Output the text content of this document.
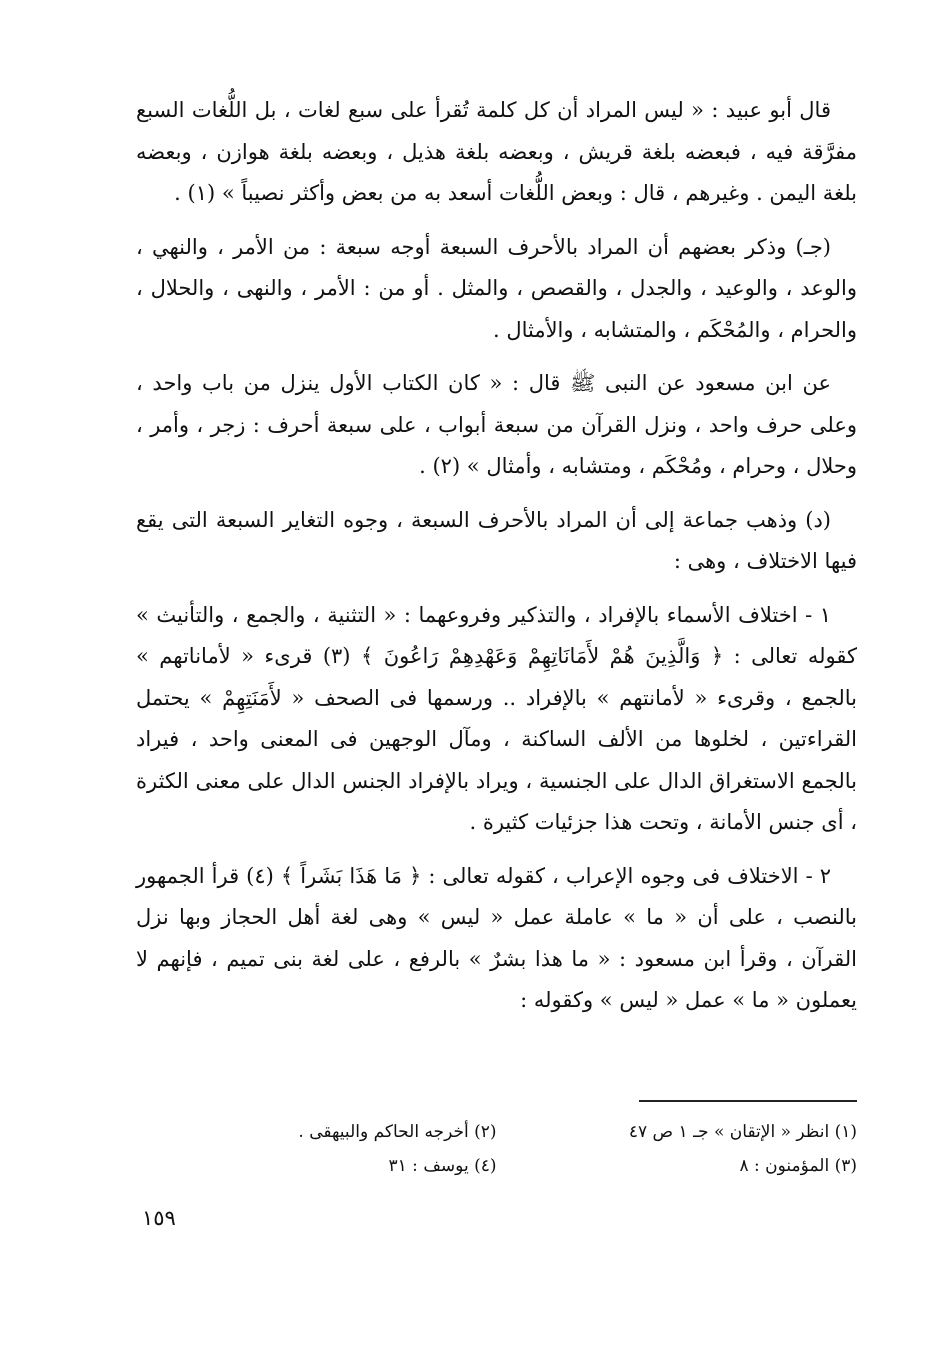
قال أبو عبيد : « ليس المراد أن كل كلمة تُقرأ على سبع لغات ، بل اللُّغات السبع مفرَّقة فيه ، فبعضه بلغة قريش ، وبعضه بلغة هذيل ، وبعضه بلغة هوازن ، وبعضه بلغة اليمن . وغيرهم ، قال : وبعض اللُّغات أسعد به من بعض وأكثر نصيباً » (١) .

(جـ) وذكر بعضهم أن المراد بالأحرف السبعة أوجه سبعة : من الأمر ، والنهي ، والوعد ، والوعيد ، والجدل ، والقصص ، والمثل . أو من : الأمر ، والنهى ، والحلال ، والحرام ، والمُحْكَم ، والمتشابه ، والأمثال .

عن ابن مسعود عن النبى ﷺ قال : « كان الكتاب الأول ينزل من باب واحد ، وعلى حرف واحد ، ونزل القرآن من سبعة أبواب ، على سبعة أحرف : زجر ، وأمر ، وحلال ، وحرام ، ومُحْكَم ، ومتشابه ، وأمثال » (٢) .

(د) وذهب جماعة إلى أن المراد بالأحرف السبعة ، وجوه التغاير السبعة التى يقع فيها الاختلاف ، وهى :

١ - اختلاف الأسماء بالإفراد ، والتذكير وفروعهما : « التثنية ، والجمع ، والتأنيث » كقوله تعالى : ﴿ وَالَّذِينَ هُمْ لأَمَانَاتِهِمْ وَعَهْدِهِمْ رَاعُونَ ﴾ (٣) قرىء « لأماناتهم » بالجمع ، وقرىء « لأمانتهم » بالإفراد .. ورسمها فى الصحف « لأَمَنَتِهِمْ » يحتمل القراءتين ، لخلوها من الألف الساكنة ، ومآل الوجهين فى المعنى واحد ، فيراد بالجمع الاستغراق الدال على الجنسية ، ويراد بالإفراد الجنس الدال على معنى الكثرة ، أى جنس الأمانة ، وتحت هذا جزئيات كثيرة .

٢ - الاختلاف فى وجوه الإعراب ، كقوله تعالى : ﴿ مَا هَذَا بَشَراً ﴾ (٤) قرأ الجمهور بالنصب ، على أن « ما » عاملة عمل « ليس » وهى لغة أهل الحجاز وبها نزل القرآن ، وقرأ ابن مسعود : « ما هذا بشرٌ » بالرفع ، على لغة بنى تميم ، فإنهم لا يعملون « ما » عمل « ليس » وكقوله :

(١) انظر « الإتقان » جـ ١ ص ٤٧
(٢) أخرجه الحاكم والبيهقى .
(٣) المؤمنون : ٨
(٤) يوسف : ٣١
١٥٩
